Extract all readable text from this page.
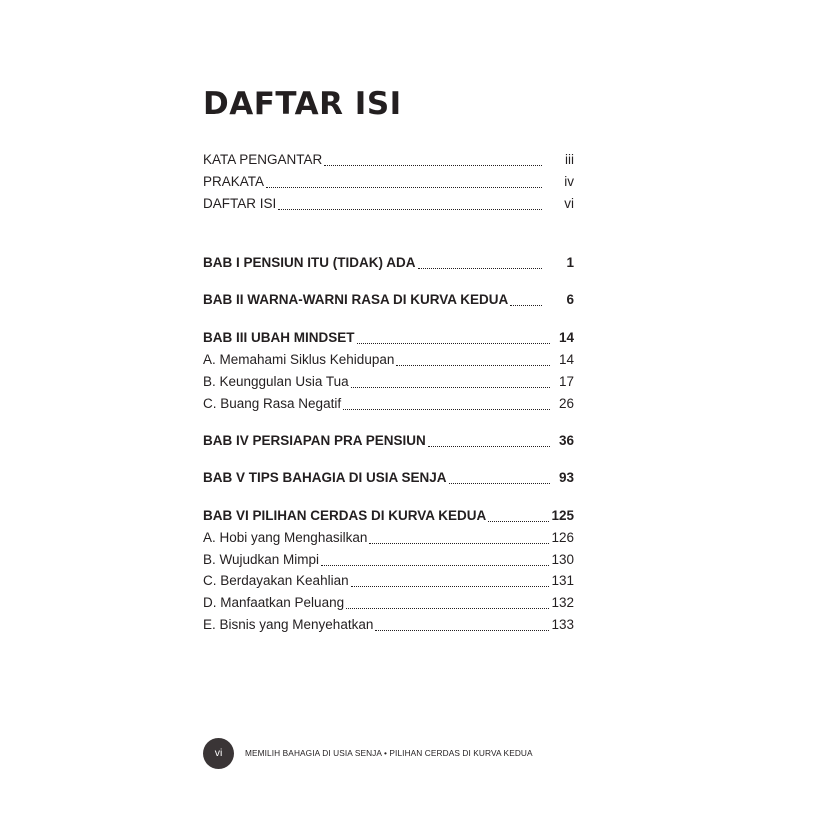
DAFTAR ISI
KATA PENGANTAR	iii
PRAKATA	iv
DAFTAR ISI	vi
BAB I PENSIUN ITU (TIDAK) ADA	1
BAB II WARNA-WARNI RASA DI KURVA KEDUA	6
BAB III UBAH MINDSET	14
A. Memahami Siklus Kehidupan	14
B. Keunggulan Usia Tua	17
C. Buang Rasa Negatif	26
BAB IV PERSIAPAN PRA PENSIUN	36
BAB V TIPS BAHAGIA DI USIA SENJA	93
BAB VI PILIHAN CERDAS DI KURVA KEDUA	125
A. Hobi yang Menghasilkan	126
B. Wujudkan Mimpi	130
C. Berdayakan Keahlian	131
D. Manfaatkan Peluang	132
E. Bisnis yang Menyehatkan	133
vi	MEMILIH BAHAGIA DI USIA SENJA • PILIHAN CERDAS DI KURVA KEDUA
